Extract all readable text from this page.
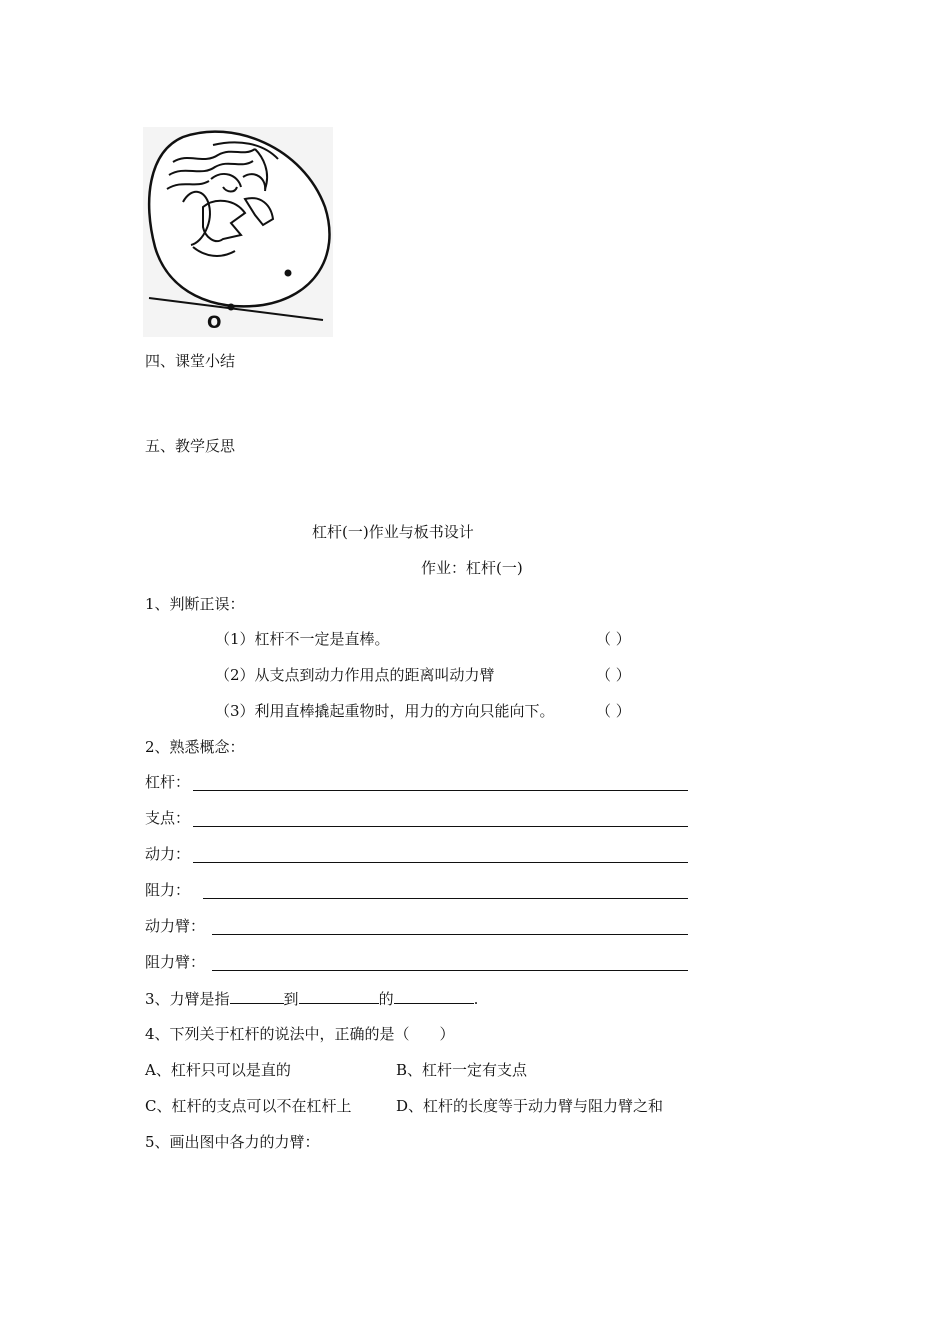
O
四、课堂小结
五、教学反思
杠杆(一)作业与板书设计
作业：杠杆(一)
1、判断正误：
（1）杠杆不一定是直棒。	（ ）
（2）从支点到动力作用点的距离叫动力臂	（ ）
（3）利用直棒撬起重物时，用力的方向只能向下。	（ ）
2、熟悉概念：
杠杆：
支点：
动力：
阻力：
动力臂：
阻力臂：
3、力臂是指	到	的	.
4、下列关于杠杆的说法中，正确的是（　　）
A、杠杆只可以是直的	B、杠杆一定有支点
C、杠杆的支点可以不在杠杆上	D、杠杆的长度等于动力臂与阻力臂之和
5、画出图中各力的力臂：
